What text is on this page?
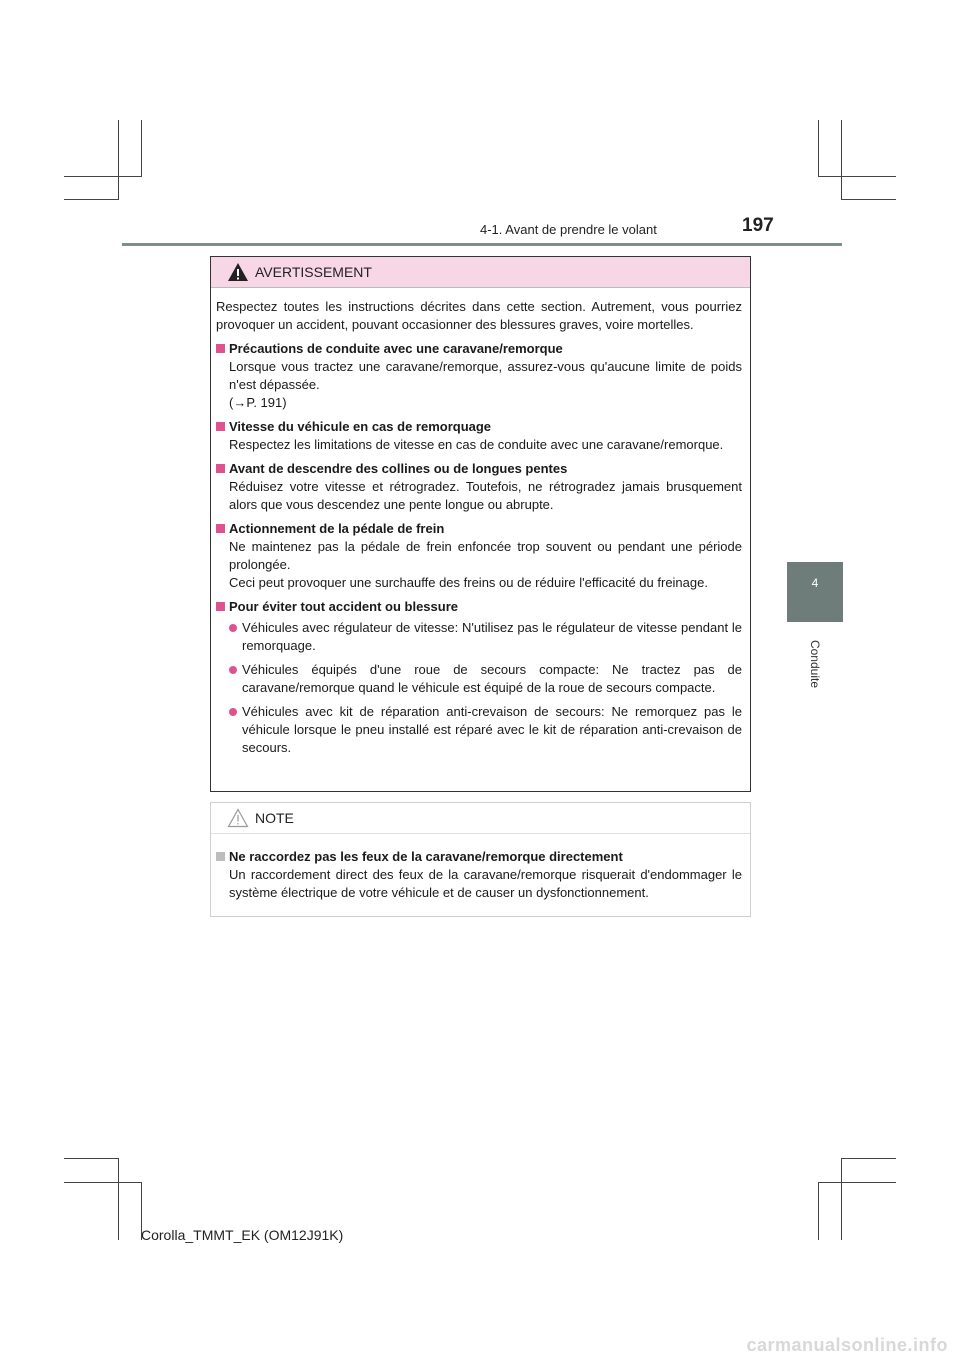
4-1. Avant de prendre le volant	197
4
Conduite
AVERTISSEMENT

Respectez toutes les instructions décrites dans cette section. Autrement, vous pourriez provoquer un accident, pouvant occasionner des blessures graves, voire mortelles.

Précautions de conduite avec une caravane/remorque

Lorsque vous tractez une caravane/remorque, assurez-vous qu'aucune limite de poids n'est dépassée.

(→P. 191)

Vitesse du véhicule en cas de remorquage

Respectez les limitations de vitesse en cas de conduite avec une caravane/remorque.

Avant de descendre des collines ou de longues pentes

Réduisez votre vitesse et rétrogradez. Toutefois, ne rétrogradez jamais brusquement alors que vous descendez une pente longue ou abrupte.

Actionnement de la pédale de frein

Ne maintenez pas la pédale de frein enfoncée trop souvent ou pendant une période prolongée.

Ceci peut provoquer une surchauffe des freins ou de réduire l'efficacité du freinage.

Pour éviter tout accident ou blessure
Véhicules avec régulateur de vitesse: N'utilisez pas le régulateur de vitesse pendant le remorquage.
Véhicules équipés d'une roue de secours compacte: Ne tractez pas de caravane/remorque quand le véhicule est équipé de la roue de secours compacte.
Véhicules avec kit de réparation anti-crevaison de secours: Ne remorquez pas le véhicule lorsque le pneu installé est réparé avec le kit de réparation anti-crevaison de secours.
NOTE
Ne raccordez pas les feux de la caravane/remorque directement

Un raccordement direct des feux de la caravane/remorque risquerait d'endommager le système électrique de votre véhicule et de causer un dysfonctionnement.

Corolla_TMMT_EK (OM12J91K)
carmanualsonline.info
